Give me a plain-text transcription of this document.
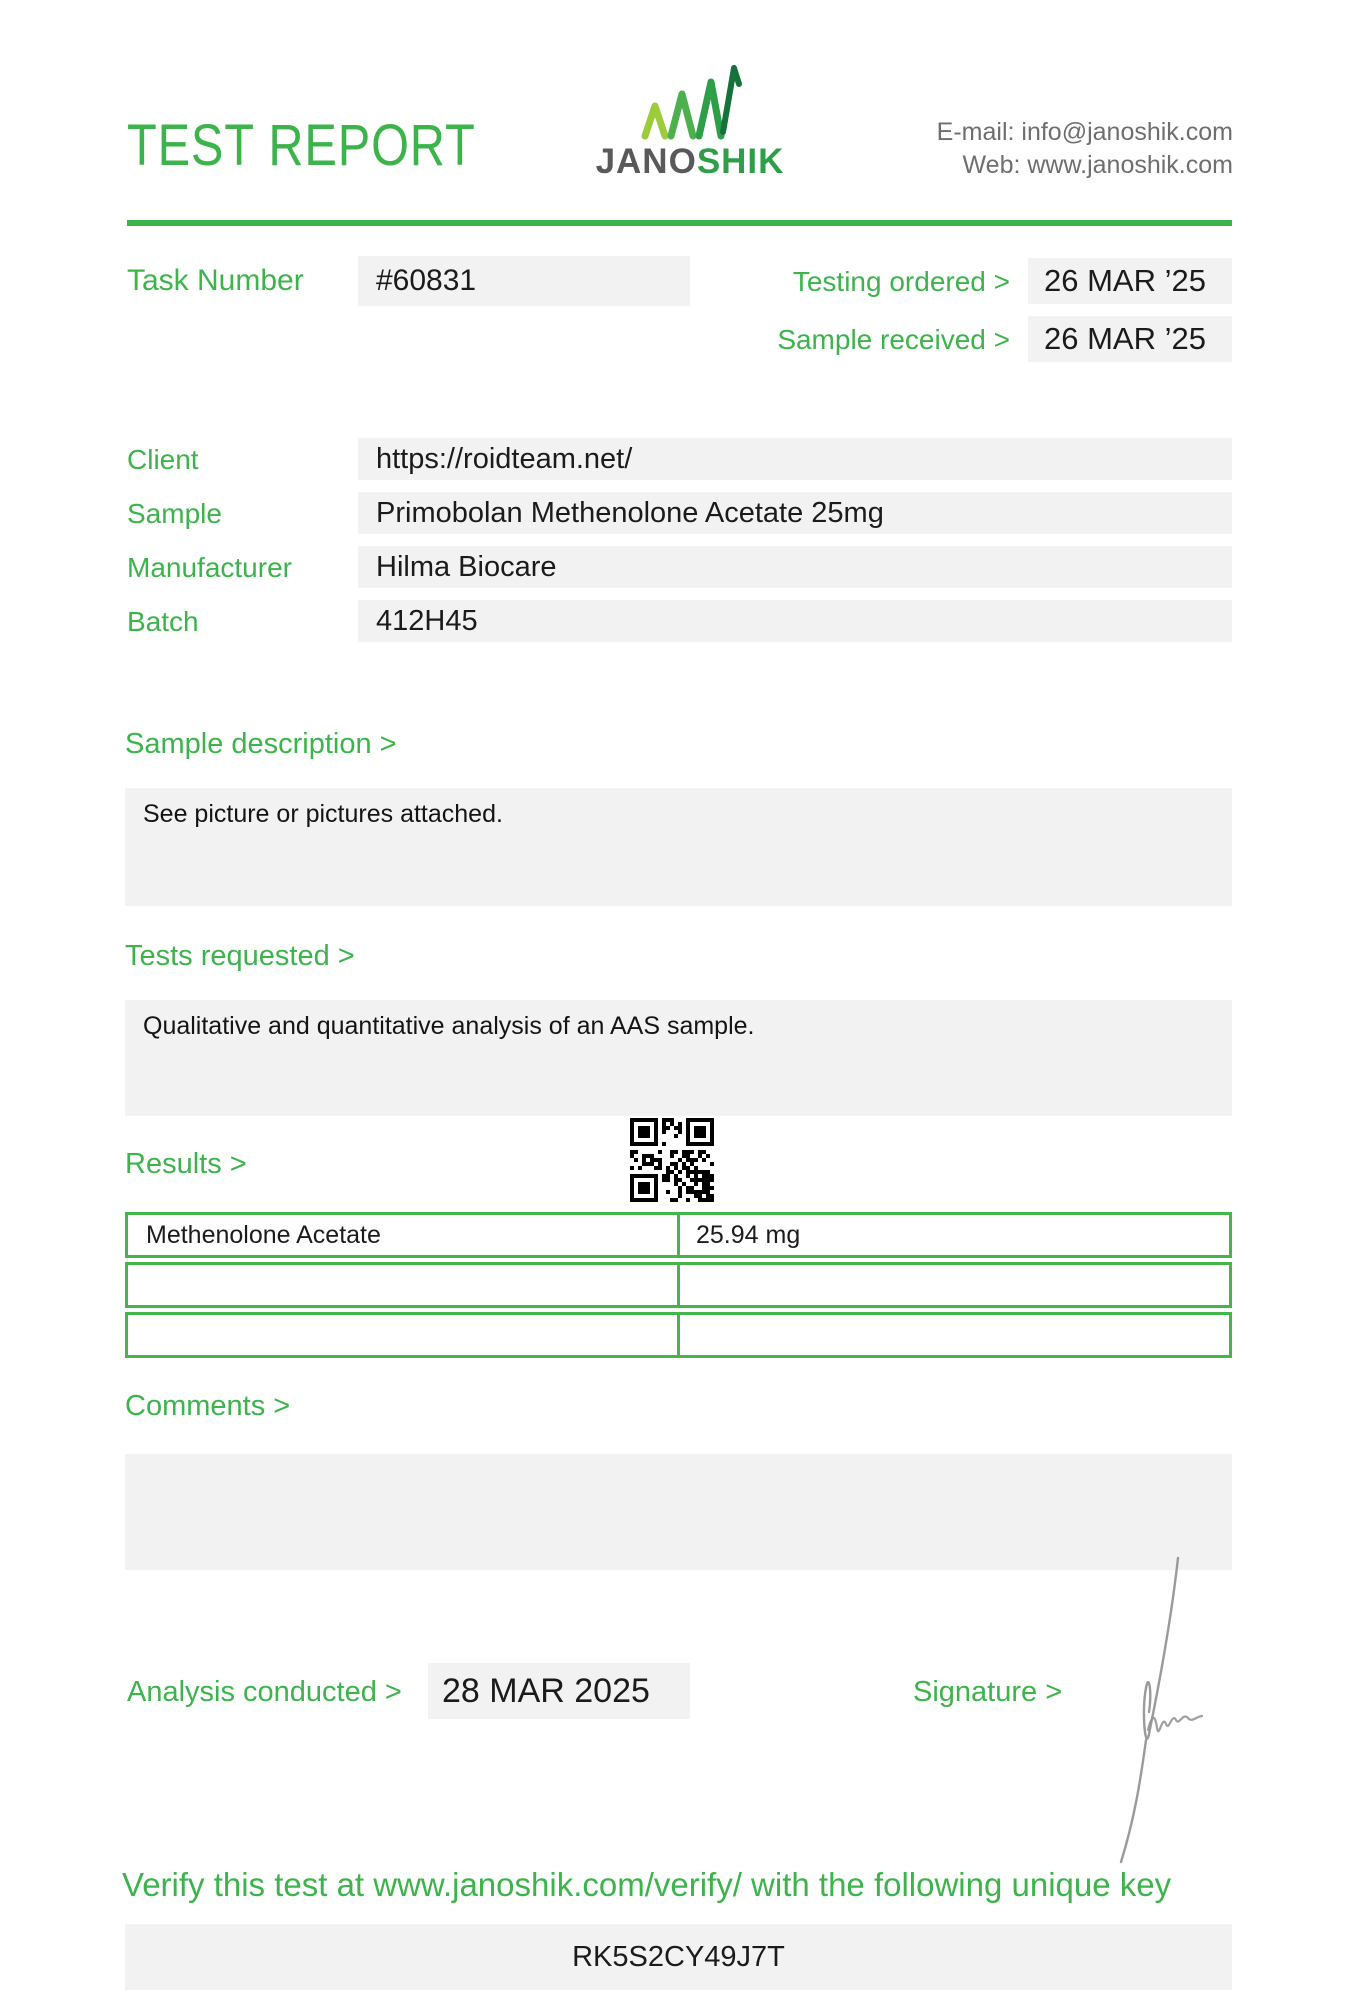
TEST REPORT	JANOSHIK
E-mail: info@janoshik.com
Web: www.janoshik.com
Task Number	#60831	Testing ordered >	26 MAR ’25
Sample received >	26 MAR ’25
Client	https://roidteam.net/
Sample	Primobolan Methenolone Acetate 25mg
Manufacturer	Hilma Biocare
Batch	412H45
Sample description >
See picture or pictures attached.
Tests requested >
Qualitative and quantitative analysis of an AAS sample.
Results >
Methenolone Acetate	25.94 mg
Comments >
Analysis conducted >	28 MAR 2025	Signature >
Verify this test at www.janoshik.com/verify/ with the following unique key
RK5S2CY49J7T
